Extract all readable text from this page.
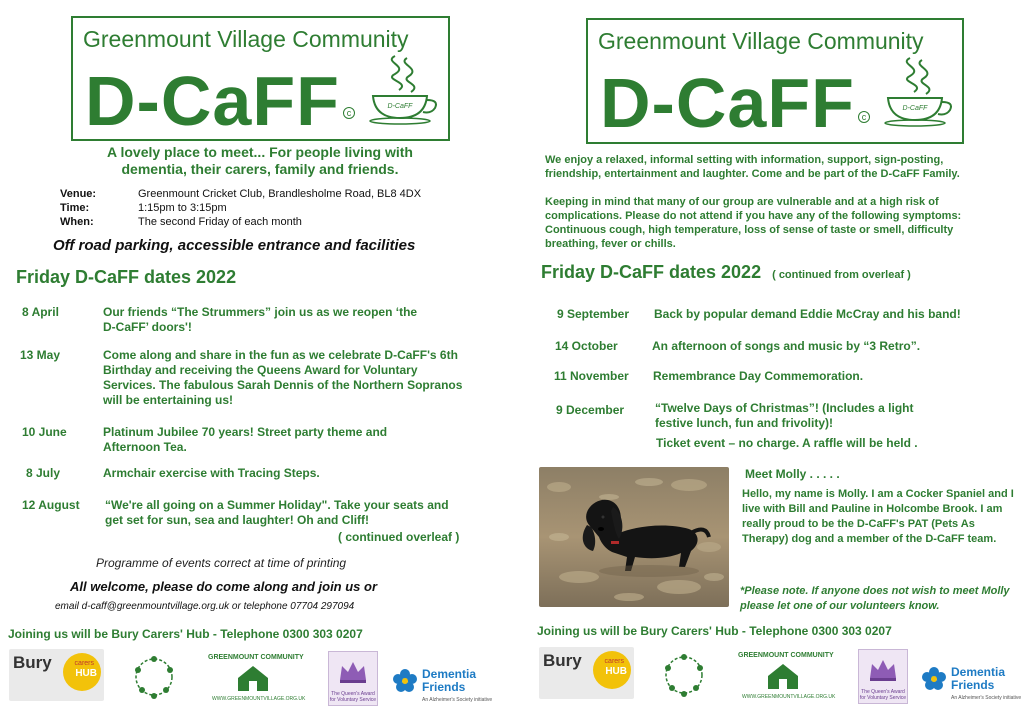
Greenmount Village Community
D-CaFF c
D-CaFF
A lovely place to meet... For people living with
dementia, their carers, family and friends.
Venue:	Greenmount Cricket Club, Brandlesholme Road, BL8 4DX
Time:	1:15pm to 3:15pm
When:	The second Friday of each month
Off road parking, accessible entrance and facilities
Friday D-CaFF dates 2022
8 April	Our friends “The Strummers” join us as we reopen ‘the D-CaFF’ doors'!
13 May	Come along and share in the fun as we celebrate D-CaFF's 6th Birthday and receiving the Queens Award for Voluntary Services. The fabulous Sarah Dennis of the Northern Sopranos will be entertaining us!
10 June	Platinum Jubilee 70 years! Street party theme and Afternoon Tea.
8 July	Armchair exercise with Tracing Steps.
12 August “We're all going on a Summer Holiday". Take your seats and get set for sun, sea and laughter! Oh and Cliff!
( continued overleaf )
Programme of events correct at time of printing
All welcome, please do come along and join us or
email d-caff@greenmountvillage.org.uk or telephone 07704 297094
Joining us will be Bury Carers' Hub - Telephone 0300 303 0207
Bury	carers
HUB
GREENMOUNT COMMUNITY
WWW.GREENMOUNTVILLAGE.ORG.UK
The Queen's Award for Voluntary Service
Dementia
Friends
An Alzheimer's Society initiative
Greenmount Village Community
D-CaFF c
D-CaFF
We enjoy a relaxed, informal setting with information, support, sign-posting, friendship, entertainment and laughter. Come and be part of the D-CaFF Family.
Keeping in mind that many of our group are vulnerable and at a high risk of complications. Please do not attend if you have any of the following symptoms: Continuous cough, high temperature, loss of sense of taste or smell, difficulty breathing, fever or chills.
Friday D-CaFF dates 2022 ( continued from overleaf )
9 September Back by popular demand Eddie McCray and his band!
14 October	An afternoon of songs and music by “3 Retro”.
11 November Remembrance Day Commemoration.
9 December	“Twelve Days of Christmas”! (Includes a light festive lunch, fun and frivolity)!
Ticket event – no charge. A raffle will be held .
Meet Molly . . . . .
Hello, my name is Molly. I am a Cocker Spaniel and I live with Bill and Pauline in Holcombe Brook. I am really proud to be the D-CaFF's PAT (Pets As Therapy) dog and a member of the D-CaFF team.
*Please note. If anyone does not wish to meet Molly please let one of our volunteers know.
Joining us will be Bury Carers' Hub - Telephone 0300 303 0207
Bury	carers
HUB
GREENMOUNT COMMUNITY
WWW.GREENMOUNTVILLAGE.ORG.UK
The Queen's Award for Voluntary Service
Dementia
Friends
An Alzheimer's Society initiative
